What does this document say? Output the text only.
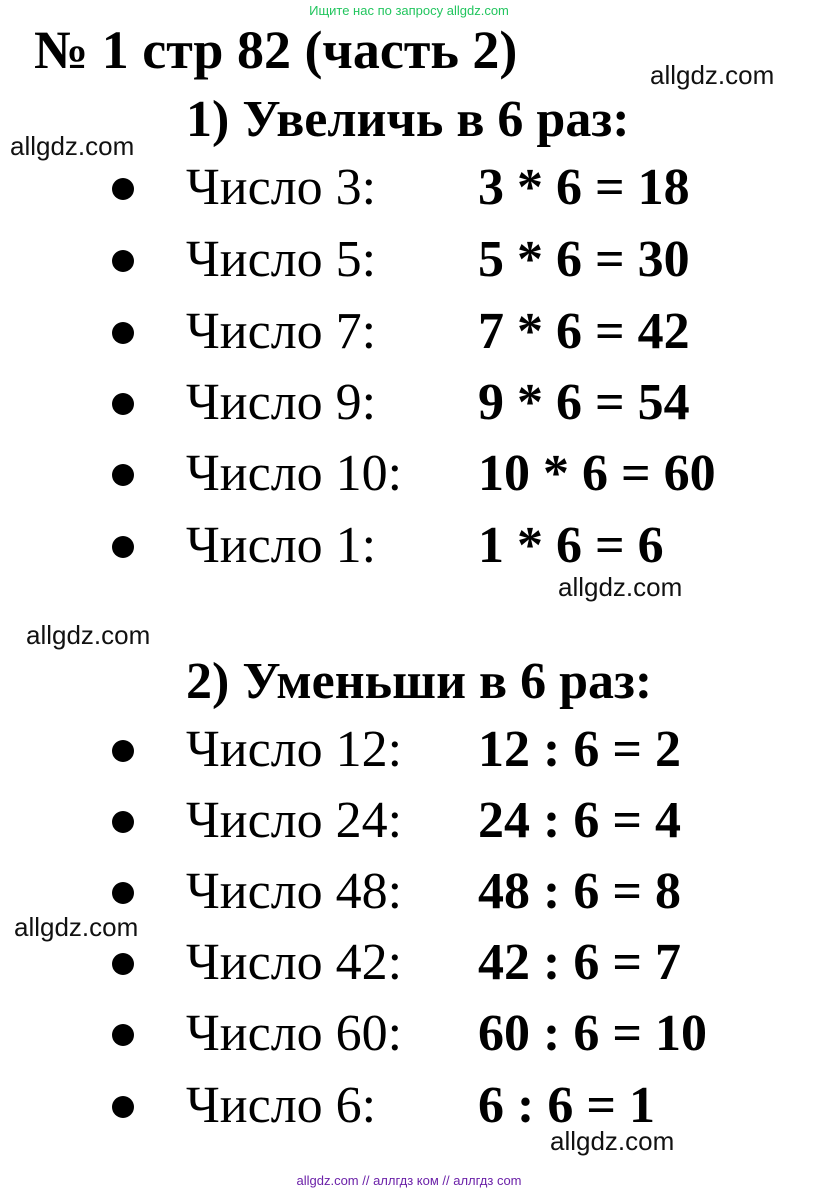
Ищите нас по запросу allgdz.com
№ 1 стр 82 (часть 2)	allgdz.com
allgdz.com 1) Увеличь в 6 раз:
Число 3: 3 * 6 = 18
Число 5: 5 * 6 = 30
Число 7: 7 * 6 = 42
Число 9: 9 * 6 = 54
Число 10: 10 * 6 = 60
Число 1: 1 * 6 = 6
allgdz.com
allgdz.com
2) Уменьши в 6 раз:
Число 12: 12 : 6 = 2
Число 24: 24 : 6 = 4
Число 48: 48 : 6 = 8
Число 42: 42 : 6 = 7
Число 60: 60 : 6 = 10
Число 6: 6 : 6 = 1
allgdz.com
allgdz.com
allgdz.com // аллгдз ком // аллгдз com
